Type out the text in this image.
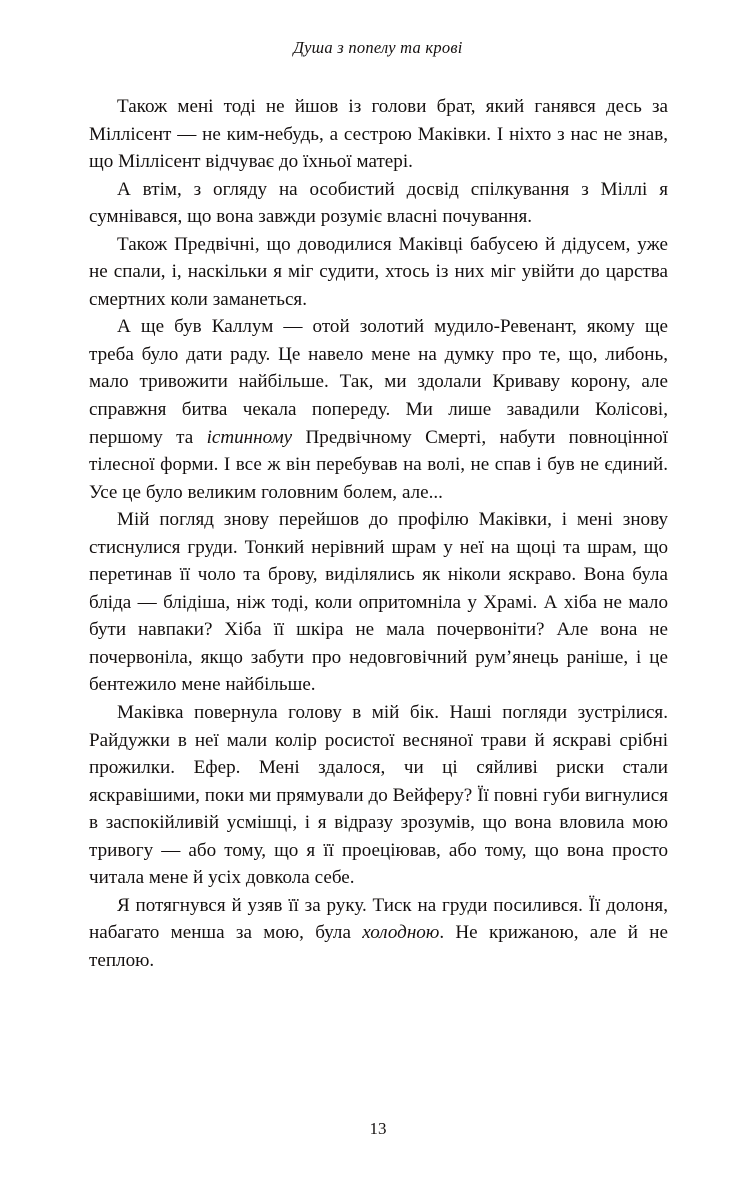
Душа з попелу та крові

Також мені тоді не йшов із голови брат, який ганявся десь за Міллісент — не ким-небудь, а сестрою Маківки. І ніхто з нас не знав, що Міллісент відчуває до їхньої матері.

А втім, з огляду на особистий досвід спілкування з Міллі я сумнівався, що вона завжди розуміє власні почування.

Також Предвічні, що доводилися Маківці бабусею й дідусем, уже не спали, і, наскільки я міг судити, хтось із них міг увійти до царства смертних коли заманеться.

А ще був Каллум — отой золотий мудило-Ревенант, якому ще треба було дати раду. Це навело мене на думку про те, що, либонь, мало тривожити найбільше. Так, ми здолали Криваву корону, але справжня битва чекала попереду. Ми лише завадили Колісові, першому та істинному Предвічному Смерті, набути повноцінної тілесної форми. І все ж він перебував на волі, не спав і був не єдиний. Усе це було великим головним болем, але...

Мій погляд знову перейшов до профілю Маківки, і мені знову стиснулися груди. Тонкий нерівний шрам у неї на щоці та шрам, що перетинав її чоло та брову, виділялись як ніколи яскраво. Вона була бліда — блідіша, ніж тоді, коли опритомніла у Храмі. А хіба не мало бути навпаки? Хіба її шкіра не мала почервоніти? Але вона не почервоніла, якщо забути про недовговічний рум’янець раніше, і це бентежило мене найбільше.

Маківка повернула голову в мій бік. Наші погляди зустрілися. Райдужки в неї мали колір росистої весняної трави й яскраві срібні прожилки. Ефер. Мені здалося, чи ці сяйливі риски стали яскравішими, поки ми прямували до Вейферу? Її повні губи вигнулися в заспокійливій усмішці, і я відразу зрозумів, що вона вловила мою тривогу — або тому, що я її проеціював, або тому, що вона просто читала мене й усіх довкола себе.

Я потягнувся й узяв її за руку. Тиск на груди посилився. Її долоня, набагато менша за мою, була холодною. Не крижаною, але й не теплою.

13
